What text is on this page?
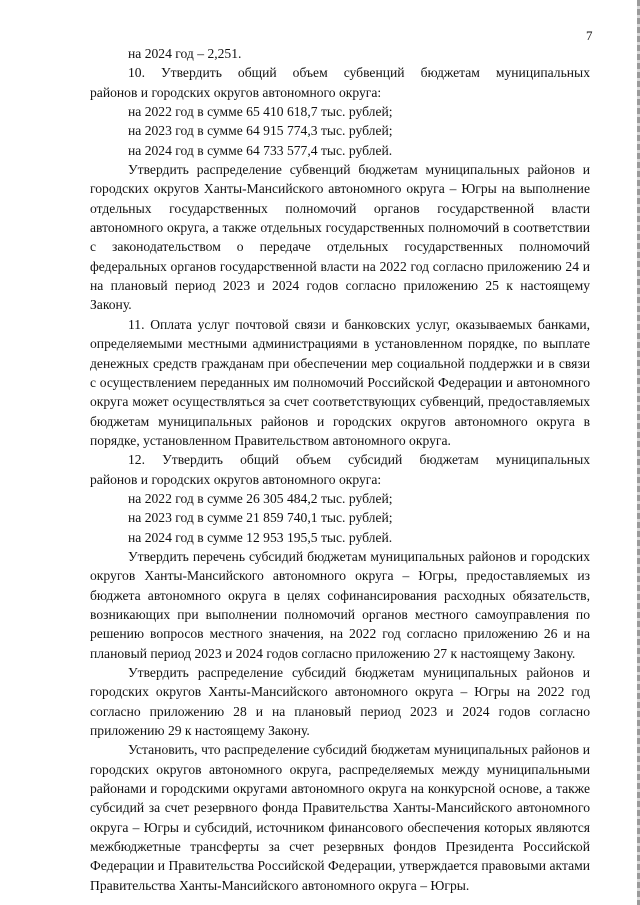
7

на 2024 год – 2,251.

10. Утвердить общий объем субвенций бюджетам муниципальных

районов и городских округов автономного округа:

на 2022 год в сумме 65 410 618,7 тыс. рублей;

на 2023 год в сумме 64 915 774,3 тыс. рублей;

на 2024 год в сумме 64 733 577,4 тыс. рублей.

Утвердить распределение субвенций бюджетам муниципальных районов и городских округов Ханты-Мансийского автономного округа – Югры на выполнение отдельных государственных полномочий органов государственной власти автономного округа, а также отдельных государственных полномочий в соответствии с законодательством о передаче отдельных государственных полномочий федеральных органов государственной власти на 2022 год согласно приложению 24 и на плановый период 2023 и 2024 годов согласно приложению 25 к настоящему Закону.

11. Оплата услуг почтовой связи и банковских услуг, оказываемых банками, определяемыми местными администрациями в установленном порядке, по выплате денежных средств гражданам при обеспечении мер социальной поддержки и в связи с осуществлением переданных им полномочий Российской Федерации и автономного округа может осуществляться за счет соответствующих субвенций, предоставляемых бюджетам муниципальных районов и городских округов автономного округа в порядке, установленном Правительством автономного округа.

12. Утвердить общий объем субсидий бюджетам муниципальных

районов и городских округов автономного округа:

на 2022 год в сумме 26 305 484,2 тыс. рублей;

на 2023 год в сумме 21 859 740,1 тыс. рублей;

на 2024 год в сумме 12 953 195,5 тыс. рублей.

Утвердить перечень субсидий бюджетам муниципальных районов и городских округов Ханты-Мансийского автономного округа – Югры, предоставляемых из бюджета автономного округа в целях софинансирования расходных обязательств, возникающих при выполнении полномочий органов местного самоуправления по решению вопросов местного значения, на 2022 год согласно приложению 26 и на плановый период 2023 и 2024 годов согласно приложению 27 к настоящему Закону.

Утвердить распределение субсидий бюджетам муниципальных районов и городских округов Ханты-Мансийского автономного округа – Югры на 2022 год согласно приложению 28 и на плановый период 2023 и 2024 годов согласно приложению 29 к настоящему Закону.

Установить, что распределение субсидий бюджетам муниципальных районов и городских округов автономного округа, распределяемых между муниципальными районами и городскими округами автономного округа на конкурсной основе, а также субсидий за счет резервного фонда Правительства Ханты-Мансийского автономного округа – Югры и субсидий, источником финансового обеспечения которых являются межбюджетные трансферты за счет резервных фондов Президента Российской Федерации и Правительства Российской Федерации, утверждается правовыми актами Правительства Ханты-Мансийского автономного округа – Югры.
